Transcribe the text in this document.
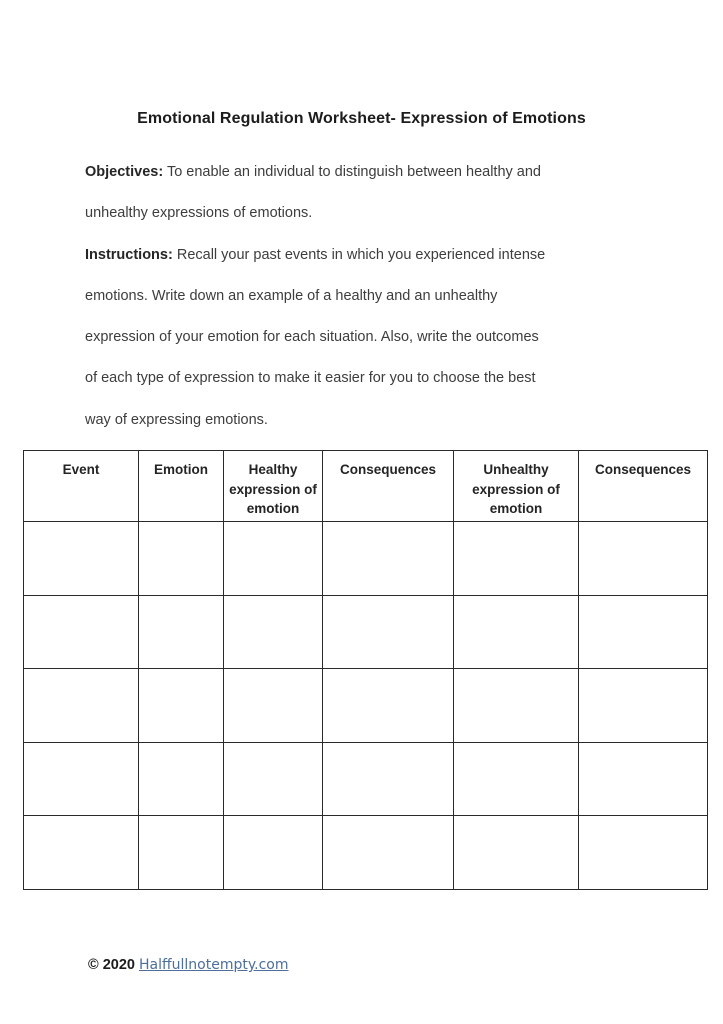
Emotional Regulation Worksheet- Expression of Emotions
Objectives: To enable an individual to distinguish between healthy and
unhealthy expressions of emotions.
Instructions: Recall your past events in which you experienced intense
emotions. Write down an example of a healthy and an unhealthy
expression of your emotion for each situation. Also, write the outcomes
of each type of expression to make it easier for you to choose the best
way of expressing emotions.
Event	Emotion	Healthy expression of emotion	Consequences	Unhealthy expression of emotion	Consequences

© 2020 Halffullnotempty.com
